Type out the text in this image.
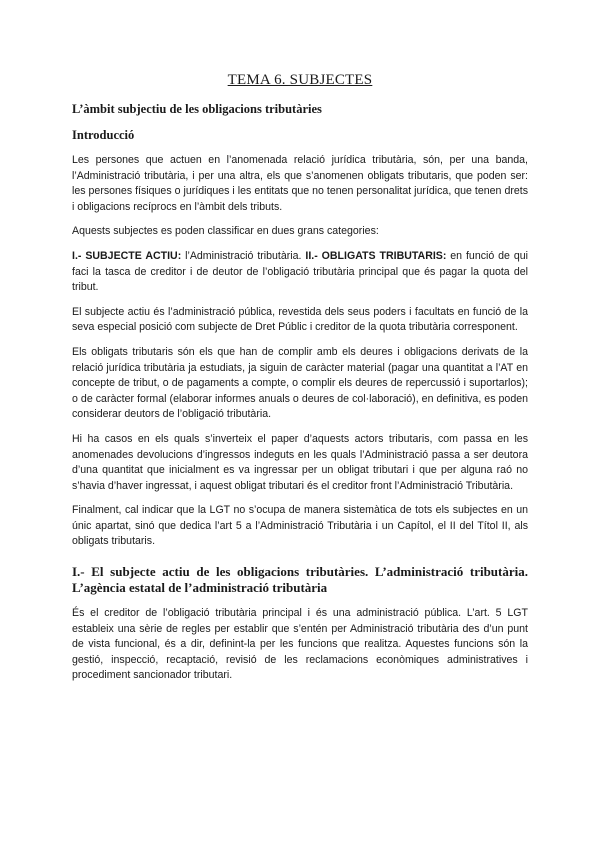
TEMA 6. SUBJECTES
L’àmbit subjectiu de les obligacions tributàries
Introducció

Les persones que actuen en l’anomenada relació jurídica tributària, són, per una banda, l’Administració tributària, i per una altra, els que s’anomenen obligats tributaris, que poden ser: les persones físiques o jurídiques i les entitats que no tenen personalitat jurídica, que tenen drets i obligacions recíprocs en l’àmbit dels tributs.

Aquests subjectes es poden classificar en dues grans categories:

I.- SUBJECTE ACTIU: l’Administració tributària. II.- OBLIGATS TRIBUTARIS: en funció de qui faci la tasca de creditor i de deutor de l’obligació tributària principal que és pagar la quota del tribut.

El subjecte actiu és l’administració pública, revestida dels seus poders i facultats en funció de la seva especial posició com subjecte de Dret Públic i creditor de la quota tributària corresponent.

Els obligats tributaris són els que han de complir amb els deures i obligacions derivats de la relació jurídica tributària ja estudiats, ja siguin de caràcter material (pagar una quantitat a l’AT en concepte de tribut, o de pagaments a compte, o complir els deures de repercussió i suportarlos); o de caràcter formal (elaborar informes anuals o deures de col·laboració), en definitiva, es poden considerar deutors de l’obligació tributària.

Hi ha casos en els quals s’inverteix el paper d’aquests actors tributaris, com passa en les anomenades devolucions d’ingressos indeguts en les quals l’Administració passa a ser deutora d’una quantitat que inicialment es va ingressar per un obligat tributari i que per alguna raó no s’havia d’haver ingressat, i aquest obligat tributari és el creditor front l’Administració Tributària.

Finalment, cal indicar que la LGT no s’ocupa de manera sistemàtica de tots els subjectes en un únic apartat, sinó que dedica l’art 5 a l’Administració Tributària i un Capítol, el II del Títol II, als obligats tributaris.

I.- El subjecte actiu de les obligacions tributàries. L’administració tributària. L’agència estatal de l’administració tributària

És el creditor de l’obligació tributària principal i és una administració pública. L’art. 5 LGT estableix una sèrie de regles per establir que s’entén per Administració tributària des d’un punt de vista funcional, és a dir, definint-la per les funcions que realitza. Aquestes funcions són la gestió, inspecció, recaptació, revisió de les reclamacions econòmiques administratives i procediment sancionador tributari.
